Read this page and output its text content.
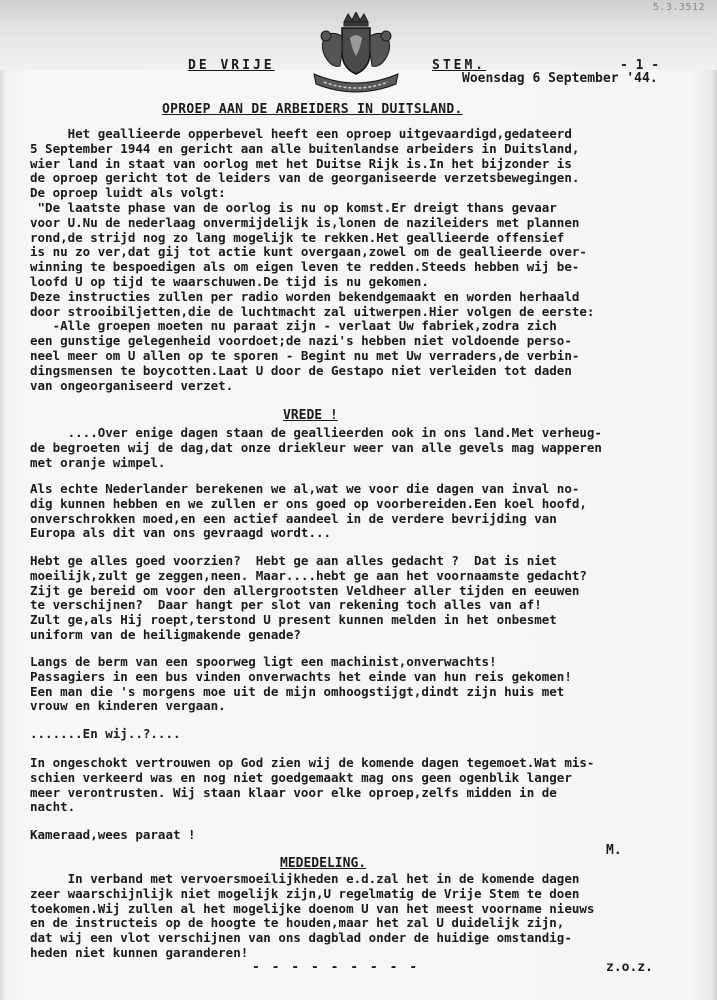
5.3.3512
DE VRIJE	STEM.	- 1 -
Woensdag 6 September '44.
OPROEP AAN DE ARBEIDERS IN DUITSLAND.
Het geallieerde opperbevel heeft een oproep uitgevaardigd,gedateerd
5 September 1944 en gericht aan alle buitenlandse arbeiders in Duitsland,
wier land in staat van oorlog met het Duitse Rijk is.In het bijzonder is
de oproep gericht tot de leiders van de georganiseerde verzetsbewegingen.
De oproep luidt als volgt:
"De laatste phase van de oorlog is nu op komst.Er dreigt thans gevaar
voor U.Nu de nederlaag onvermijdelijk is,lonen de nazileiders met plannen
rond,de strijd nog zo lang mogelijk te rekken.Het geallieerde offensief
is nu zo ver,dat gij tot actie kunt overgaan,zowel om de geallieerde over-
winning te bespoedigen als om eigen leven te redden.Steeds hebben wij be-
loofd U op tijd te waarschuwen.De tijd is nu gekomen.
Deze instructies zullen per radio worden bekendgemaakt en worden herhaald
door strooibiljetten,die de luchtmacht zal uitwerpen.Hier volgen de eerste:
-Alle groepen moeten nu paraat zijn - verlaat Uw fabriek,zodra zich
een gunstige gelegenheid voordoet;de nazi's hebben niet voldoende perso-
neel meer om U allen op te sporen - Begint nu met Uw verraders,de verbin-
dingsmensen te boycotten.Laat U door de Gestapo niet verleiden tot daden
van ongeorganiseerd verzet.
VREDE !
....Over enige dagen staan de geallieerden ook in ons land.Met verheug-
de begroeten wij de dag,dat onze driekleur weer van alle gevels mag wapperen
met oranje wimpel.
Als echte Nederlander berekenen we al,wat we voor die dagen van inval no-
dig kunnen hebben en we zullen er ons goed op voorbereiden.Een koel hoofd,
onverschrokken moed,en een actief aandeel in de verdere bevrijding van
Europa als dit van ons gevraagd wordt...
Hebt ge alles goed voorzien?  Hebt ge aan alles gedacht ?  Dat is niet
moeilijk,zult ge zeggen,neen. Maar....hebt ge aan het voornaamste gedacht?
Zijt ge bereid om voor den allergrootsten Veldheer aller tijden en eeuwen
te verschijnen?  Daar hangt per slot van rekening toch alles van af!
Zult ge,als Hij roept,terstond U present kunnen melden in het onbesmet
uniform van de heiligmakende genade?
Langs de berm van een spoorweg ligt een machinist,onverwachts!
Passagiers in een bus vinden onverwachts het einde van hun reis gekomen!
Een man die 's morgens moe uit de mijn omhoogstijgt,dindt zijn huis met
vrouw en kinderen vergaan.
.......En wij..?....
In ongeschokt vertrouwen op God zien wij de komende dagen tegemoet.Wat mis-
schien verkeerd was en nog niet goedgemaakt mag ons geen ogenblik langer
meer verontrusten. Wij staan klaar voor elke oproep,zelfs midden in de
nacht.
Kameraad,wees paraat !
M.
MEDEDELING.
In verband met vervoersmoeilijkheden e.d.zal het in de komende dagen
zeer waarschijnlijk niet mogelijk zijn,U regelmatig de Vrije Stem te doen
toekomen.Wij zullen al het mogelijke doenom U van het meest voorname nieuws
en de instructeis op de hoogte te houden,maar het zal U duidelijk zijn,
dat wij een vlot verschijnen van ons dagblad onder de huidige omstandig-
heden niet kunnen garanderen!
- - - - - - - - -	z.o.z.
